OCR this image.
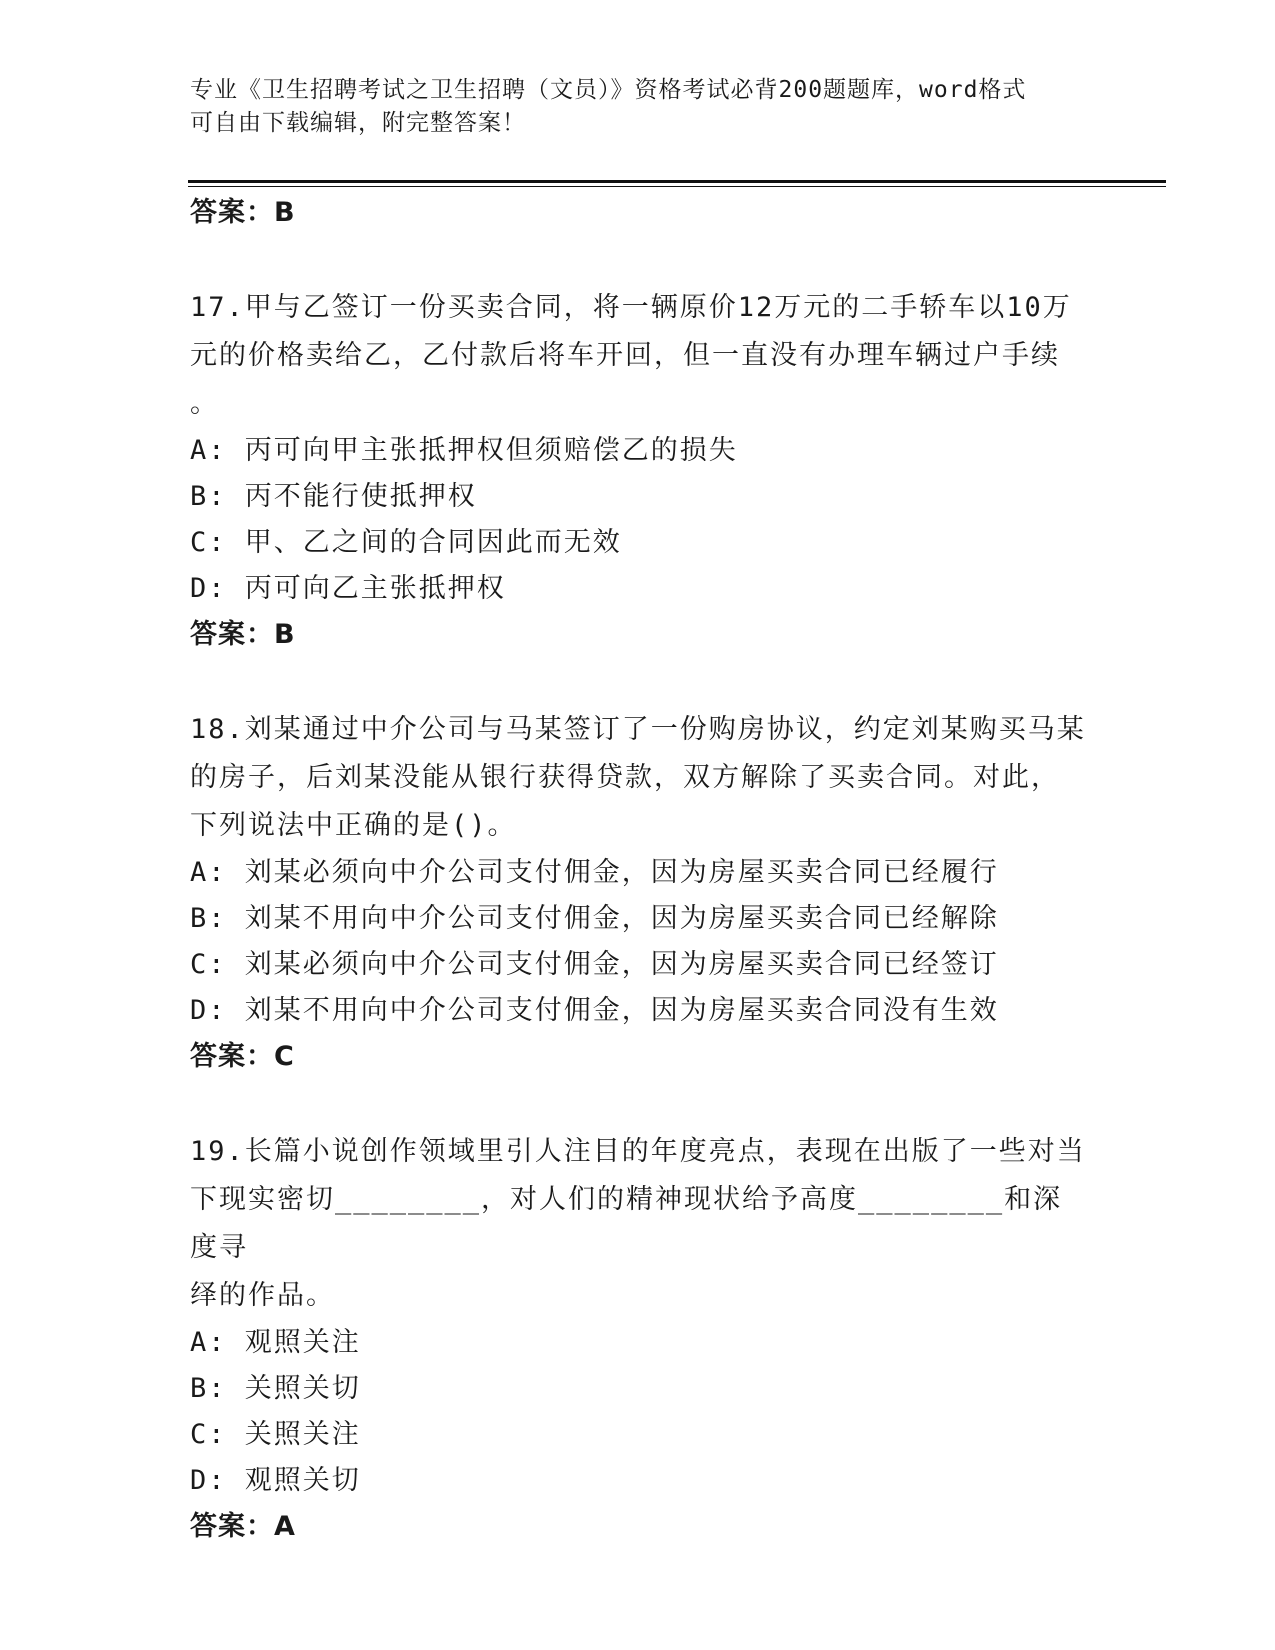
专业《卫生招聘考试之卫生招聘（文员）》资格考试必背200题题库，word格式
可自由下载编辑，附完整答案！
答案：B
17.甲与乙签订一份买卖合同，将一辆原价12万元的二手轿车以10万
元的价格卖给乙，乙付款后将车开回，但一直没有办理车辆过户手续
。
A: 丙可向甲主张抵押权但须赔偿乙的损失
B: 丙不能行使抵押权
C: 甲、乙之间的合同因此而无效
D: 丙可向乙主张抵押权
答案：B
18.刘某通过中介公司与马某签订了一份购房协议，约定刘某购买马某
的房子，后刘某没能从银行获得贷款，双方解除了买卖合同。对此，
下列说法中正确的是()。
A: 刘某必须向中介公司支付佣金，因为房屋买卖合同已经履行
B: 刘某不用向中介公司支付佣金，因为房屋买卖合同已经解除
C: 刘某必须向中介公司支付佣金，因为房屋买卖合同已经签订
D: 刘某不用向中介公司支付佣金，因为房屋买卖合同没有生效
答案：C
19.长篇小说创作领域里引人注目的年度亮点，表现在出版了一些对当
下现实密切________，对人们的精神现状给予高度________和深度寻
绎的作品。
A: 观照关注
B: 关照关切
C: 关照关注
D: 观照关切
答案：A
